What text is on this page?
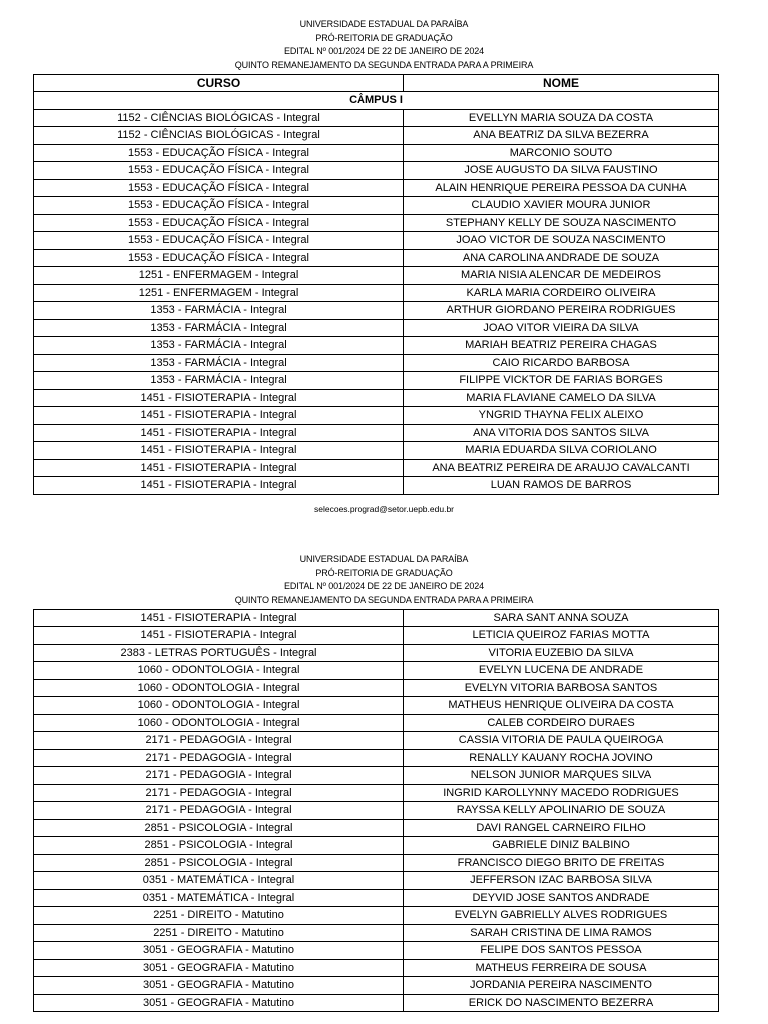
UNIVERSIDADE ESTADUAL DA PARAÍBA
PRÓ-REITORIA DE GRADUAÇÃO
EDITAL Nº 001/2024 DE 22 DE JANEIRO DE 2024
QUINTO REMANEJAMENTO DA SEGUNDA ENTRADA PARA A PRIMEIRA
CURSO	NOME
CÂMPUS I	
1152 - CIÊNCIAS BIOLÓGICAS - Integral	EVELLYN MARIA SOUZA DA COSTA
1152 - CIÊNCIAS BIOLÓGICAS - Integral	ANA BEATRIZ DA SILVA BEZERRA
1553 - EDUCAÇÃO FÍSICA - Integral	MARCONIO SOUTO
1553 - EDUCAÇÃO FÍSICA - Integral	JOSE AUGUSTO DA SILVA FAUSTINO
1553 - EDUCAÇÃO FÍSICA - Integral	ALAIN HENRIQUE PEREIRA PESSOA DA CUNHA
1553 - EDUCAÇÃO FÍSICA - Integral	CLAUDIO XAVIER MOURA JUNIOR
1553 - EDUCAÇÃO FÍSICA - Integral	STEPHANY KELLY DE SOUZA NASCIMENTO
1553 - EDUCAÇÃO FÍSICA - Integral	JOAO VICTOR DE SOUZA NASCIMENTO
1553 - EDUCAÇÃO FÍSICA - Integral	ANA CAROLINA ANDRADE DE SOUZA
1251 - ENFERMAGEM - Integral	MARIA NISIA ALENCAR DE MEDEIROS
1251 - ENFERMAGEM - Integral	KARLA MARIA CORDEIRO OLIVEIRA
1353 - FARMÁCIA - Integral	ARTHUR GIORDANO PEREIRA RODRIGUES
1353 - FARMÁCIA - Integral	JOAO VITOR VIEIRA DA SILVA
1353 - FARMÁCIA - Integral	MARIAH BEATRIZ PEREIRA CHAGAS
1353 - FARMÁCIA - Integral	CAIO RICARDO BARBOSA
1353 - FARMÁCIA - Integral	FILIPPE VICKTOR DE FARIAS BORGES
1451 - FISIOTERAPIA - Integral	MARIA FLAVIANE CAMELO DA SILVA
1451 - FISIOTERAPIA - Integral	YNGRID THAYNA FELIX ALEIXO
1451 - FISIOTERAPIA - Integral	ANA VITORIA DOS SANTOS SILVA
1451 - FISIOTERAPIA - Integral	MARIA EDUARDA SILVA CORIOLANO
1451 - FISIOTERAPIA - Integral	ANA BEATRIZ PEREIRA DE ARAUJO CAVALCANTI
1451 - FISIOTERAPIA - Integral	LUAN RAMOS DE BARROS
selecoes.prograd@setor.uepb.edu.br
UNIVERSIDADE ESTADUAL DA PARAÍBA
PRÓ-REITORIA DE GRADUAÇÃO
EDITAL Nº 001/2024 DE 22 DE JANEIRO DE 2024
QUINTO REMANEJAMENTO DA SEGUNDA ENTRADA PARA A PRIMEIRA
1451 - FISIOTERAPIA - Integral	SARA SANT ANNA SOUZA
1451 - FISIOTERAPIA - Integral	LETICIA QUEIROZ FARIAS MOTTA
2383 - LETRAS PORTUGUÊS - Integral	VITORIA EUZEBIO DA SILVA
1060 - ODONTOLOGIA - Integral	EVELYN LUCENA DE ANDRADE
1060 - ODONTOLOGIA - Integral	EVELYN VITORIA BARBOSA SANTOS
1060 - ODONTOLOGIA - Integral	MATHEUS HENRIQUE OLIVEIRA DA COSTA
1060 - ODONTOLOGIA - Integral	CALEB CORDEIRO DURAES
2171 - PEDAGOGIA - Integral	CASSIA VITORIA DE PAULA QUEIROGA
2171 - PEDAGOGIA - Integral	RENALLY KAUANY ROCHA JOVINO
2171 - PEDAGOGIA - Integral	NELSON JUNIOR MARQUES SILVA
2171 - PEDAGOGIA - Integral	INGRID KAROLLYNNY MACEDO RODRIGUES
2171 - PEDAGOGIA - Integral	RAYSSA KELLY APOLINARIO DE SOUZA
2851 - PSICOLOGIA - Integral	DAVI RANGEL CARNEIRO FILHO
2851 - PSICOLOGIA - Integral	GABRIELE DINIZ BALBINO
2851 - PSICOLOGIA - Integral	FRANCISCO DIEGO BRITO DE FREITAS
0351 - MATEMÁTICA - Integral	JEFFERSON IZAC BARBOSA SILVA
0351 - MATEMÁTICA - Integral	DEYVID JOSE SANTOS ANDRADE
2251 - DIREITO - Matutino	EVELYN GABRIELLY ALVES RODRIGUES
2251 - DIREITO - Matutino	SARAH CRISTINA DE LIMA RAMOS
3051 - GEOGRAFIA - Matutino	FELIPE DOS SANTOS PESSOA
3051 - GEOGRAFIA - Matutino	MATHEUS FERREIRA DE SOUSA
3051 - GEOGRAFIA - Matutino	JORDANIA PEREIRA NASCIMENTO
3051 - GEOGRAFIA - Matutino	ERICK DO NASCIMENTO BEZERRA
